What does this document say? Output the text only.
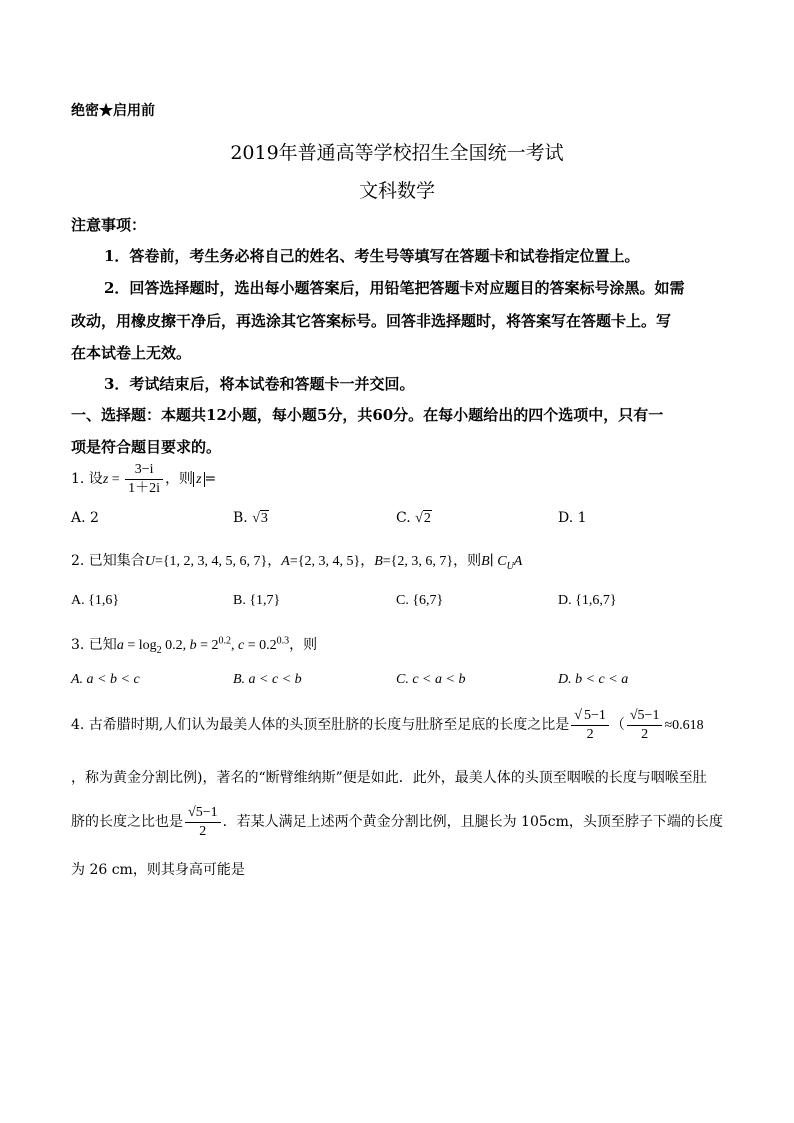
绝密★启用前
2019年普通高等学校招生全国统一考试
文科数学
注意事项：
1．答卷前，考生务必将自己的姓名、考生号等填写在答题卡和试卷指定位置上。
2．回答选择题时，选出每小题答案后，用铅笔把答题卡对应题目的答案标号涂黑。如需
改动，用橡皮擦干净后，再选涂其它答案标号。回答非选择题时，将答案写在答题卡上。写
在本试卷上无效。
3．考试结束后，将本试卷和答题卡一并交回。
一、选择题：本题共12小题，每小题5分，共60分。在每小题给出的四个选项中，只有一
项是符合题目要求的。
1. 设$z = \frac{3-i}{1+2i}$ ，则 z =
A. 2	B. √3	C. √2	D. 1
2. 已知集合U={1, 2, 3, 4, 5, 6, 7}，A={2, 3, 4, 5}，B={2, 3, 6, 7}，则B∣ $C_UA$
A. {1,6}	B. {1,7}	C. {6,7}	D. {1,6,7}
3. 已知$a = \log_2 0.2$, $b = 2^{0.2}$, $c = 0.2^{0.3}$，则
A. a < b < c	B. a < c < b	C. c < a < b	D. b < c < a
4. 古希腊时期,人们认为最美人体的头顶至肚脐的长度与肚脐至足底的长度之比是 $\frac{√ 5-1}{2}$ （ $\frac{√5-1}{2} \approx 0.618$
，称为黄金分割比例)，著名的“断臂维纳斯”便是如此．此外，最美人体的头顶至咽喉的长度与咽喉至肚
脐的长度之比也是 $\frac{√5-1}{2}$ ．若某人满足上述两个黄金分割比例，且腿长为 105cm，头顶至脖子下端的长度
为 26 cm，则其身高可能是
